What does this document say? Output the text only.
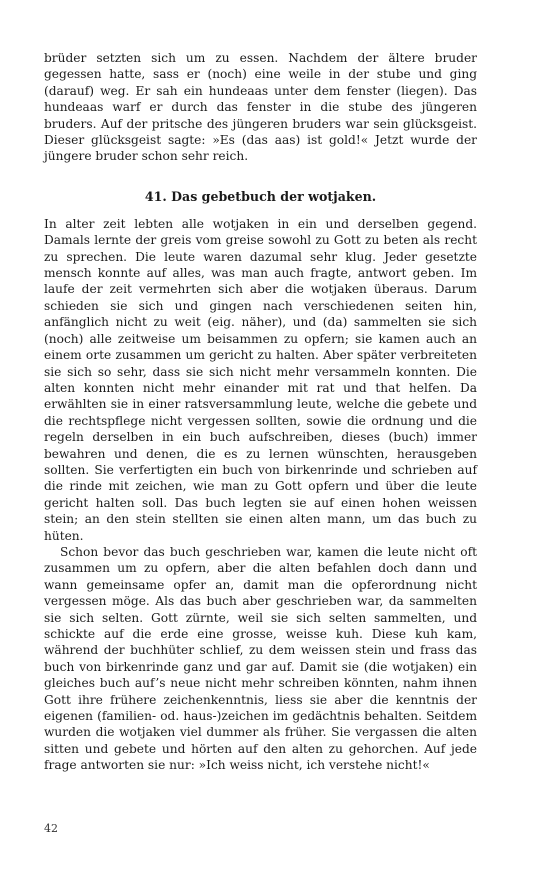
brüder setzten sich um zu essen. Nachdem der ältere bruder gegessen hatte, sass er (noch) eine weile in der stube und ging (darauf) weg. Er sah ein hundeaas unter dem fenster (liegen). Das hundeaas warf er durch das fenster in die stube des jüngeren bruders. Auf der pritsche des jüngeren bruders war sein glücksgeist. Dieser glücksgeist sagte: »Es (das aas) ist gold!« Jetzt wurde der jüngere bruder schon sehr reich.

41. Das gebetbuch der wotjaken.

In alter zeit lebten alle wotjaken in ein und derselben gegend. Damals lernte der greis vom greise sowohl zu Gott zu beten als recht zu sprechen. Die leute waren dazumal sehr klug. Jeder gesetzte mensch konnte auf alles, was man auch fragte, antwort geben. Im laufe der zeit vermehrten sich aber die wotjaken überaus. Darum schieden sie sich und gingen nach verschiedenen seiten hin, anfänglich nicht zu weit (eig. näher), und (da) sammelten sie sich (noch) alle zeitweise um beisammen zu opfern; sie kamen auch an einem orte zusammen um gericht zu halten. Aber später verbreiteten sie sich so sehr, dass sie sich nicht mehr versammeln konnten. Die alten konnten nicht mehr einander mit rat und that helfen. Da erwählten sie in einer ratsversammlung leute, welche die gebete und die rechtspflege nicht vergessen sollten, sowie die ordnung und die regeln derselben in ein buch aufschreiben, dieses (buch) immer bewahren und denen, die es zu lernen wünschten, herausgeben sollten. Sie verfertigten ein buch von birkenrinde und schrieben auf die rinde mit zeichen, wie man zu Gott opfern und über die leute gericht halten soll. Das buch legten sie auf einen hohen weissen stein; an den stein stellten sie einen alten mann, um das buch zu hüten.

Schon bevor das buch geschrieben war, kamen die leute nicht oft zusammen um zu opfern, aber die alten befahlen doch dann und wann gemeinsame opfer an, damit man die opferordnung nicht vergessen möge. Als das buch aber geschrieben war, da sammelten sie sich selten. Gott zürnte, weil sie sich selten sammelten, und schickte auf die erde eine grosse, weisse kuh. Diese kuh kam, während der buchhüter schlief, zu dem weissen stein und frass das buch von birkenrinde ganz und gar auf. Damit sie (die wotjaken) ein gleiches buch auf’s neue nicht mehr schreiben könnten, nahm ihnen Gott ihre frühere zeichenkenntnis, liess sie aber die kenntnis der eigenen (familien- od. haus-)zeichen im gedächtnis behalten. Seitdem wurden die wotjaken viel dummer als früher. Sie vergassen die alten sitten und gebete und hörten auf den alten zu gehorchen. Auf jede frage antworten sie nur: »Ich weiss nicht, ich verstehe nicht!«

42
